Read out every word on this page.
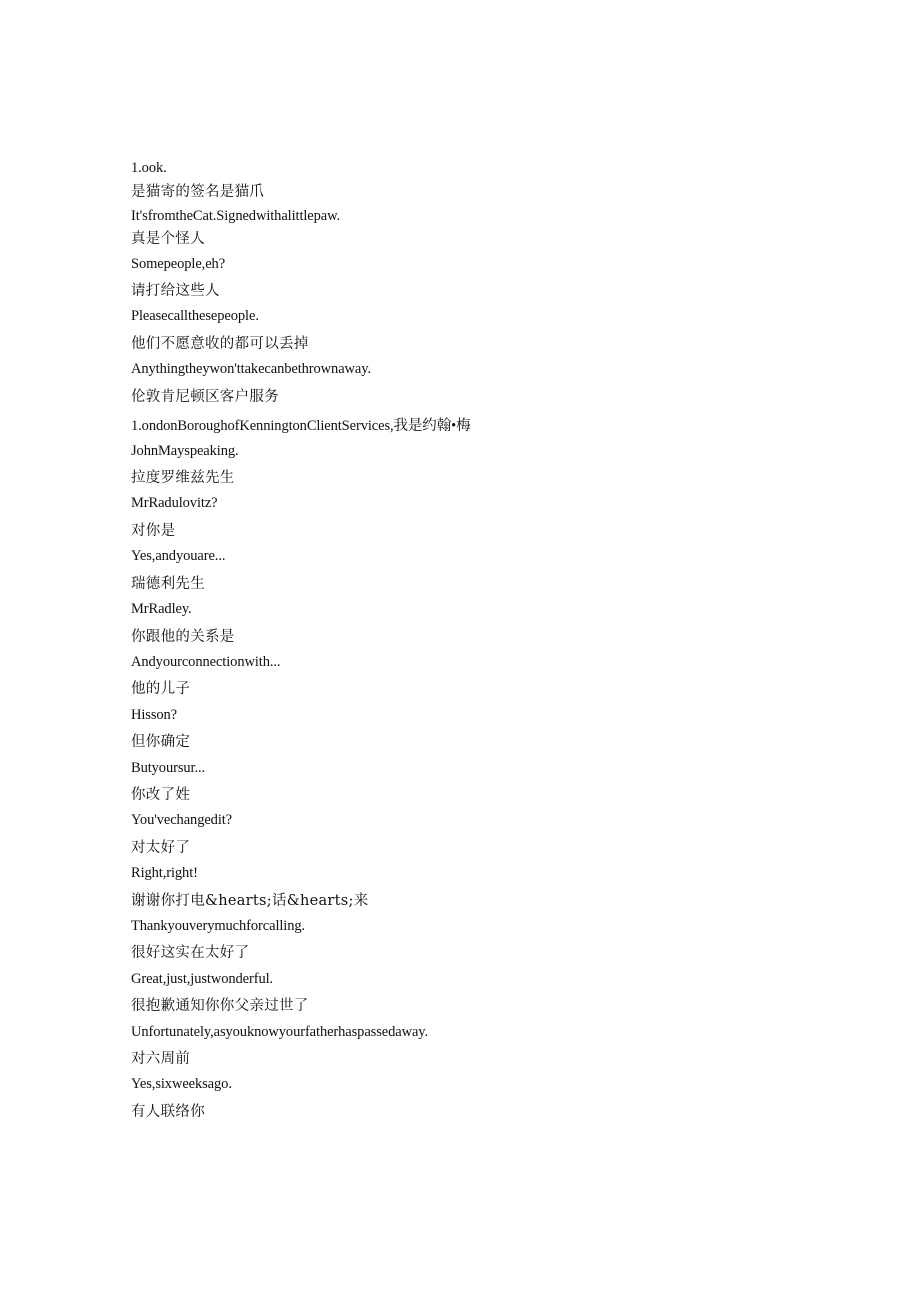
1.ook.
是猫寄的签名是猫爪
It'sfromtheCat.Signedwithalittlepaw.
真是个怪人
Somepeople,eh?
请打给这些人
Pleasecallthesepeople.
他们不愿意收的都可以丢掉
Anythingtheywon'ttakecanbethrownaway.
伦敦肯尼顿区客户服务
1.ondonBoroughofKenningtonClientServices,我是约翰•梅
JohnMayspeaking.
拉度罗维兹先生
MrRadulovitz?
对你是
Yes,andyouare...
瑞德利先生
MrRadley.
你跟他的关系是
Andyourconnectionwith...
他的儿子
Hisson?
但你确定
Butyoursur...
你改了姓
You'vechangedit?
对太好了
Right,right!
谢谢你打电&hearts;话&hearts;来
Thankyouverymuchforcalling.
很好这实在太好了
Great,just,justwonderful.
很抱歉通知你你父亲过世了
Unfortunately,asyouknowyourfatherhaspassedaway.
对六周前
Yes,sixweeksago.
有人联络你
